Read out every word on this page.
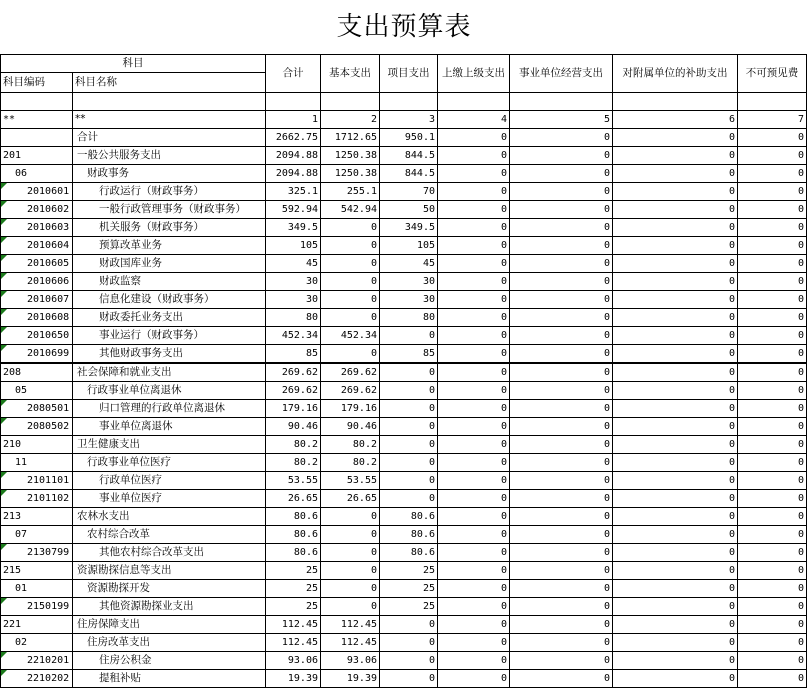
支出预算表
科目		合计	基本支出	项目支出	上缴上级支出	事业单位经营支出	对附属单位的补助支出	不可预见费
科目编码	科目名称							

**	**	1	2	3	4	5	6	7
	合计	2662.75	1712.65	950.1	0	0	0	0
201	一般公共服务支出	2094.88	1250.38	844.5	0	0	0	0
06	财政事务	2094.88	1250.38	844.5	0	0	0	0

2010601	行政运行（财政事务）	325.1	255.1	70	0	0	0	0

2010602	一般行政管理事务（财政事务）	592.94	542.94	50	0	0	0	0

2010603	机关服务（财政事务）	349.5	0	349.5	0	0	0	0

2010604	预算改革业务	105	0	105	0	0	0	0

2010605	财政国库业务	45	0	45	0	0	0	0

2010606	财政监察	30	0	30	0	0	0	0

2010607	信息化建设（财政事务）	30	0	30	0	0	0	0

2010608	财政委托业务支出	80	0	80	0	0	0	0

2010650	事业运行（财政事务）	452.34	452.34	0	0	0	0	0

2010699	其他财政事务支出	85	0	85	0	0	0	0
208	社会保障和就业支出	269.62	269.62	0	0	0	0	0
05	行政事业单位离退休	269.62	269.62	0	0	0	0	0

2080501	归口管理的行政单位离退休	179.16	179.16	0	0	0	0	0

2080502	事业单位离退休	90.46	90.46	0	0	0	0	0
210	卫生健康支出	80.2	80.2	0	0	0	0	0
11	行政事业单位医疗	80.2	80.2	0	0	0	0	0

2101101	行政单位医疗	53.55	53.55	0	0	0	0	0

2101102	事业单位医疗	26.65	26.65	0	0	0	0	0
213	农林水支出	80.6	0	80.6	0	0	0	0
07	农村综合改革	80.6	0	80.6	0	0	0	0

2130799	其他农村综合改革支出	80.6	0	80.6	0	0	0	0
215	资源勘探信息等支出	25	0	25	0	0	0	0
01	资源勘探开发	25	0	25	0	0	0	0

2150199	其他资源勘探业支出	25	0	25	0	0	0	0
221	住房保障支出	112.45	112.45	0	0	0	0	0
02	住房改革支出	112.45	112.45	0	0	0	0	0

2210201	住房公积金	93.06	93.06	0	0	0	0	0

2210202	提租补贴	19.39	19.39	0	0	0	0	0
